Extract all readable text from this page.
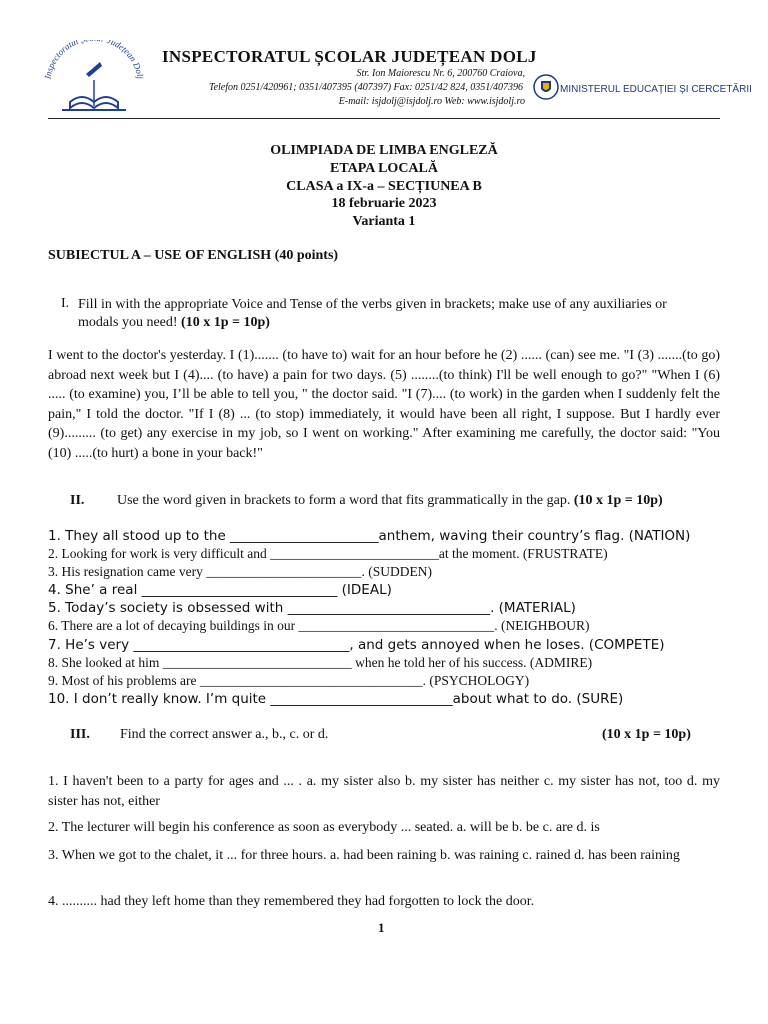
Inspectoratul Județean Dolj
INSPECTORATUL ȘCOLAR JUDEȚEAN DOLJ
Str. Ion Maiorescu Nr. 6, 200760 Craiova,
Telefon 0251/420961; 0351/407395 (407397) Fax: 0251/42 824, 0351/407396
E-mail: isjdolj@isjdolj.ro Web: www.isjdolj.ro
MINISTERUL EDUCAȚIEI ȘI CERCETĂRII
OLIMPIADA DE LIMBA ENGLEZĂ
ETAPA LOCALĂ
CLASA a IX-a – SECȚIUNEA B
18 februarie 2023
Varianta 1
SUBIECTUL A – USE OF ENGLISH (40 points)
I. Fill in with the appropriate Voice and Tense of the verbs given in brackets; make use of any auxiliaries or modals you need! (10 x 1p = 10p)
I went to the doctor's yesterday. I (1)....... (to have to) wait for an hour before he (2) ...... (can) see me. "I (3) .......(to go) abroad next week but I (4).... (to have) a pain for two days. (5) ........(to think) I'll be well enough to go?" "When I (6) ..... (to examine) you, I’ll be able to tell you, " the doctor said. "I (7).... (to work) in the garden when I suddenly felt the pain," I told the doctor. "If I (8) ... (to stop) immediately, it would have been all right, I suppose. But I hardly ever (9)......... (to get) any exercise in my job, so I went on working." After examining me carefully, the doctor said: "You (10) .....(to hurt) a bone in your back!"
II. Use the word given in brackets to form a word that fits grammatically in the gap. (10 x 1p = 10p)
1. They all stood up to the ______________________anthem, waving their country’s flag. (NATION)
2. Looking for work is very difficult and _________________________at the moment. (FRUSTRATE)
3. His resignation came very _______________________. (SUDDEN)
4. She’ a real _____________________________ (IDEAL)
5. Today’s society is obsessed with ______________________________. (MATERIAL)
6. There are a lot of decaying buildings in our _____________________________. (NEIGHBOUR)
7. He’s very ________________________________, and gets annoyed when he loses. (COMPETE)
8. She looked at him ____________________________ when he told her of his success. (ADMIRE)
9. Most of his problems are _________________________________. (PSYCHOLOGY)
10. I don’t really know. I’m quite ___________________________about what to do. (SURE)
III. Find the correct answer a., b., c. or d.	(10 x 1p = 10p)
1. I haven't been to a party for ages and ... . a. my sister also b. my sister has neither c. my sister has not, too d. my sister has not, either
2. The lecturer will begin his conference as soon as everybody ... seated. a. will be b. be c. are d. is
3. When we got to the chalet, it ... for three hours. a. had been raining b. was raining c. rained d. has been raining
4. .......... had they left home than they remembered they had forgotten to lock the door.
1
